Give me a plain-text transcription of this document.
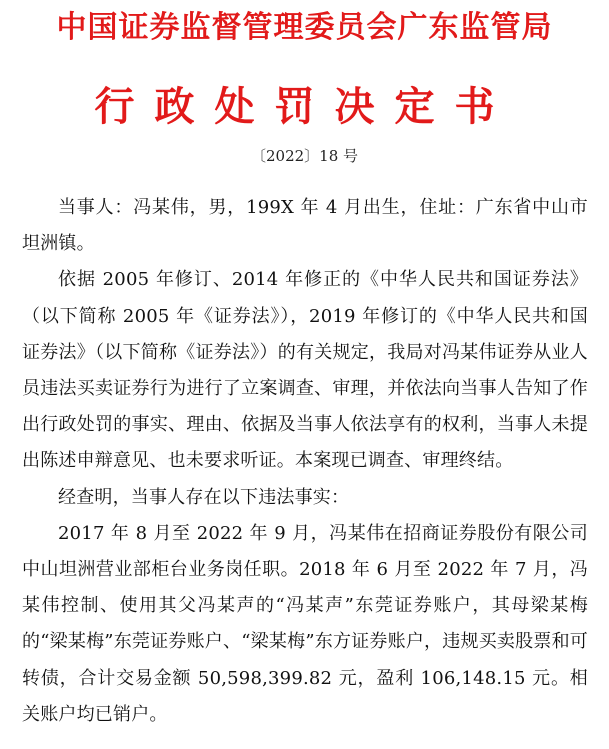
中国证券监督管理委员会广东监管局
行政处罚决定书
〔2022〕18 号

当事人：冯某伟，男，199X 年 4 月出生，住址：广东省中山市坦洲镇。

依据 2005 年修订、2014 年修正的《中华人民共和国证券法》（以下简称 2005 年《证券法》），2019 年修订的《中华人民共和国证券法》（以下简称《证券法》）的有关规定，我局对冯某伟证券从业人员违法买卖证券行为进行了立案调查、审理，并依法向当事人告知了作出行政处罚的事实、理由、依据及当事人依法享有的权利，当事人未提出陈述申辩意见、也未要求听证。本案现已调查、审理终结。

经查明，当事人存在以下违法事实：

2017 年 8 月至 2022 年 9 月，冯某伟在招商证券股份有限公司中山坦洲营业部柜台业务岗任职。2018 年 6 月至 2022 年 7 月，冯某伟控制、使用其父冯某声的“冯某声”东莞证券账户，其母梁某梅的“梁某梅”东莞证券账户、“梁某梅”东方证券账户，违规买卖股票和可转债，合计交易金额 50,598,399.82 元，盈利 106,148.15 元。相关账户均已销户。
